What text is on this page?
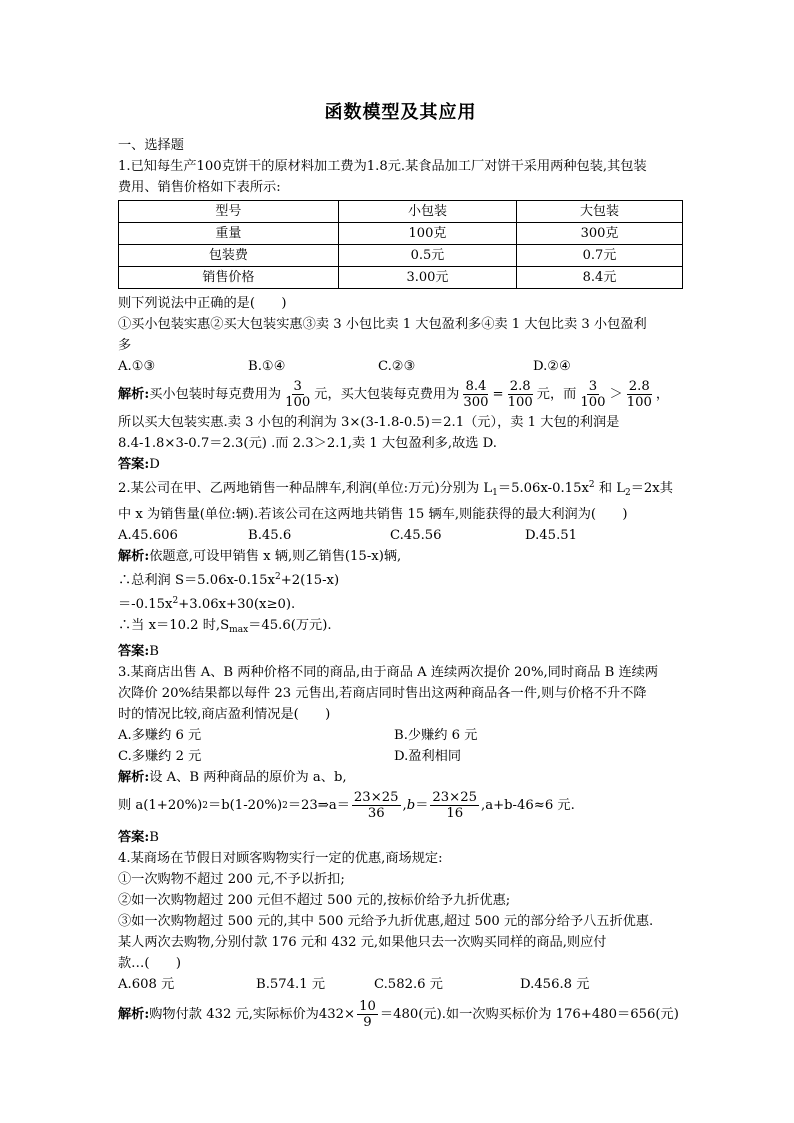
函数模型及其应用
一、选择题
1.已知每生产100克饼干的原材料加工费为1.8元.某食品加工厂对饼干采用两种包装,其包装
费用、销售价格如下表所示:
型号	小包装	大包装
重量	100克	300克
包装费	0.5元	0.7元
销售价格	3.00元	8.4元
则下列说法中正确的是(　　)
①买小包装实惠②买大包装实惠③卖 3 小包比卖 1 大包盈利多④卖 1 大包比卖 3 小包盈利
多
A.①③	B.①④	C.②③	D.②④
解析: 买小包装时每克费用为 $\frac{3}{100}$ 元，买大包装每克费用为 $\frac{8.4}{300} = \frac{2.8}{100}$ 元，而 $\frac{3}{100} > \frac{2.8}{100}$ ，
所以买大包装实惠.卖 3 小包的利润为 3×(3-1.8-0.5)＝2.1（元），卖 1 大包的利润是
8.4-1.8×3-0.7＝2.3(元) .而 2.3＞2.1,卖 1 大包盈利多,故选 D.
答案:D
2.某公司在甲、乙两地销售一种品牌车,利润(单位:万元)分别为 $L_1=5.06x-0.15x^2$ 和 $L_2=2x$其
中 x 为销售量(单位:辆).若该公司在这两地共销售 15 辆车,则能获得的最大利润为(　　)
A.45.606	B.45.6	C.45.56	D.45.51
解析:依题意,可设甲销售 x 辆,则乙销售(15-x)辆,
∴总利润 $S=5.06x-0.15x^2+2(15-x)$
$=-0.15x^2+3.06x+30(x\ge 0)$.
∴当 x＝10.2 时$,S_{max}=45.6$(万元).
答案:B
3.某商店出售 A、B 两种价格不同的商品,由于商品 A 连续两次提价 20%,同时商品 B 连续两
次降价 20%结果都以每件 23 元售出,若商店同时售出这两种商品各一件,则与价格不升不降
时的情况比较,商店盈利情况是(　　)
A.多赚约 6 元	B.少赚约 6 元
C.多赚约 2 元	D.盈利相同
解析:设 A、B 两种商品的原价为 a、b,
则 a(1+20%) 2 ＝b(1-20%) 2 ＝23⇒a＝ $\frac{23\times 25}{36}$ , $b = \frac{23\times 25}{16} ,a+b-46\approx 6$ 元.
答案:B
4.某商场在节假日对顾客购物实行一定的优惠,商场规定:
①一次购物不超过 200 元,不予以折扣;
②如一次购物超过 200 元但不超过 500 元的,按标价给予九折优惠;
③如一次购物超过 500 元的,其中 500 元给予九折优惠,超过 500 元的部分给予八五折优惠.
某人两次去购物,分别付款 176 元和 432 元,如果他只去一次购买同样的商品,则应付
款…(　　)
A.608 元	B.574.1 元	C.582.6 元	D.456.8 元
解析: 购物付款 432 元,实际标价为 $432\times \frac{10}{9} =480$(元) .如一次购买标价为 176+480＝656(元)
